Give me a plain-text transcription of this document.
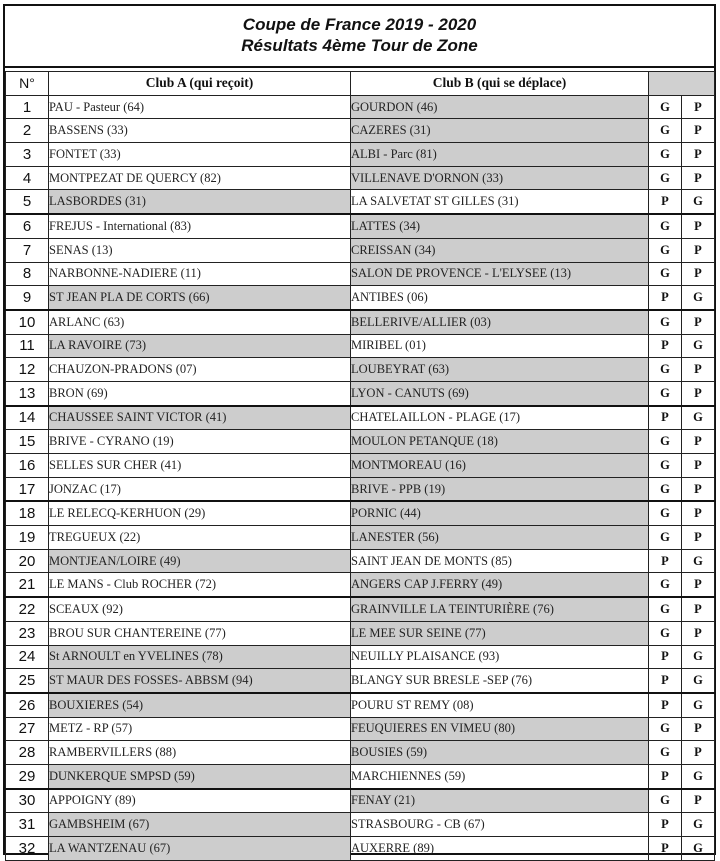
Coupe de France 2019 - 2020
Résultats 4ème Tour de Zone
N°	Club A (qui reçoit)	Club B (qui se déplace)		
1	PAU - Pasteur (64)	GOURDON (46)	G	P
2	BASSENS (33)	CAZERES (31)	G	P
3	FONTET (33)	ALBI - Parc (81)	G	P
4	MONTPEZAT DE QUERCY (82)	VILLENAVE D'ORNON (33)	G	P
5	LASBORDES (31)	LA SALVETAT ST GILLES (31)	P	G
6	FREJUS - International (83)	LATTES (34)	G	P
7	SENAS (13)	CREISSAN (34)	G	P
8	NARBONNE-NADIERE (11)	SALON DE PROVENCE - L'ELYSEE (13)	G	P
9	ST JEAN PLA DE CORTS (66)	ANTIBES (06)	P	G
10	ARLANC (63)	BELLERIVE/ALLIER (03)	G	P
11	LA RAVOIRE (73)	MIRIBEL (01)	P	G
12	CHAUZON-PRADONS (07)	LOUBEYRAT (63)	G	P
13	BRON (69)	LYON - CANUTS (69)	G	P
14	CHAUSSEE SAINT VICTOR (41)	CHATELAILLON - PLAGE (17)	P	G
15	BRIVE - CYRANO (19)	MOULON PETANQUE (18)	G	P
16	SELLES SUR CHER (41)	MONTMOREAU (16)	G	P
17	JONZAC (17)	BRIVE - PPB (19)	G	P
18	LE RELECQ-KERHUON (29)	PORNIC (44)	G	P
19	TREGUEUX (22)	LANESTER (56)	G	P
20	MONTJEAN/LOIRE (49)	SAINT JEAN DE MONTS (85)	P	G
21	LE MANS - Club ROCHER (72)	ANGERS CAP J.FERRY (49)	G	P
22	SCEAUX (92)	GRAINVILLE LA TEINTURIÈRE (76)	G	P
23	BROU SUR CHANTEREINE (77)	LE MEE SUR SEINE (77)	G	P
24	St ARNOULT en YVELINES (78)	NEUILLY PLAISANCE (93)	P	G
25	ST MAUR DES FOSSES- ABBSM (94)	BLANGY SUR BRESLE -SEP (76)	P	G
26	BOUXIERES (54)	POURU ST REMY (08)	P	G
27	METZ - RP (57)	FEUQUIERES EN VIMEU (80)	G	P
28	RAMBERVILLERS (88)	BOUSIES (59)	G	P
29	DUNKERQUE SMPSD (59)	MARCHIENNES (59)	P	G
30	APPOIGNY (89)	FENAY (21)	G	P
31	GAMBSHEIM (67)	STRASBOURG - CB (67)	P	G
32	LA WANTZENAU (67)	AUXERRE (89)	P	G
